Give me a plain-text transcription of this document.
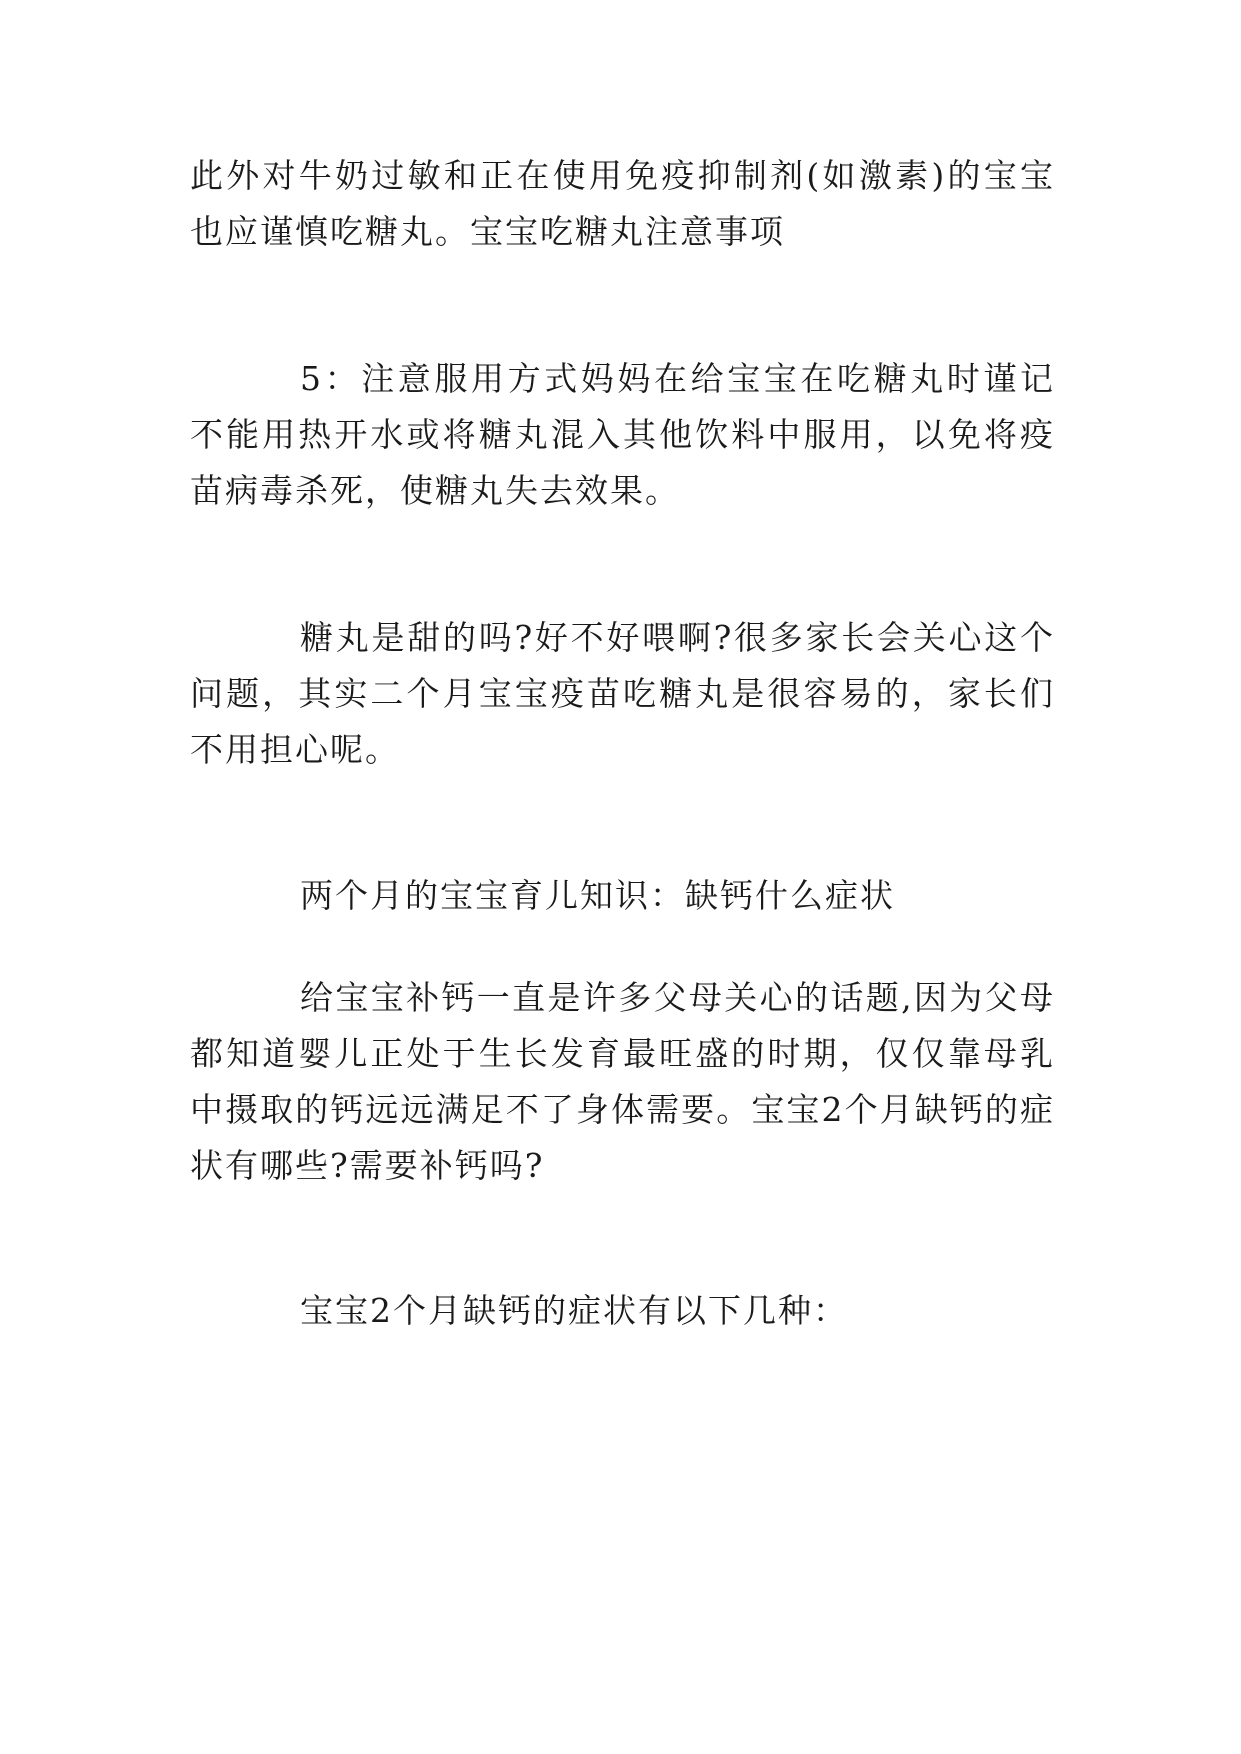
此外对牛奶过敏和正在使用免疫抑制剂(如激素)的宝宝也应谨慎吃糖丸。宝宝吃糖丸注意事项

5：注意服用方式妈妈在给宝宝在吃糖丸时谨记不能用热开水或将糖丸混入其他饮料中服用，以免将疫苗病毒杀死，使糖丸失去效果。

糖丸是甜的吗?好不好喂啊?很多家长会关心这个问题，其实二个月宝宝疫苗吃糖丸是很容易的，家长们不用担心呢。

两个月的宝宝育儿知识：缺钙什么症状

给宝宝补钙一直是许多父母关心的话题,因为父母都知道婴儿正处于生长发育最旺盛的时期，仅仅靠母乳中摄取的钙远远满足不了身体需要。宝宝2个月缺钙的症状有哪些?需要补钙吗?

宝宝2个月缺钙的症状有以下几种：
